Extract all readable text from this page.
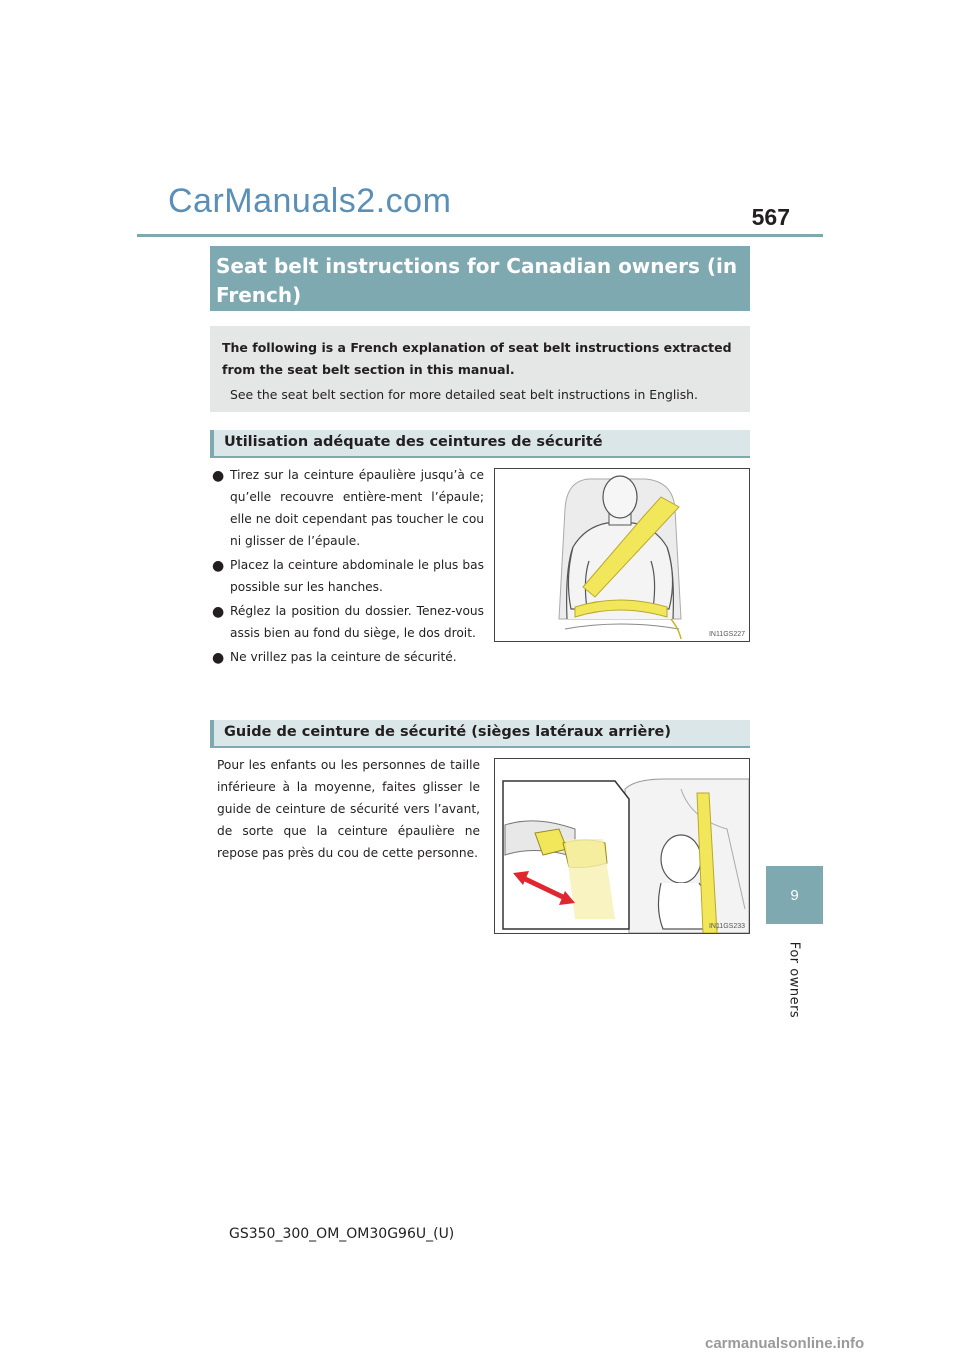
CarManuals2.com	567
9
For owners
Seat belt instructions for Canadian owners (in French)
The following is a French explanation of seat belt instructions extracted from the seat belt section in this manual.
See the seat belt section for more detailed seat belt instructions in English.
Utilisation adéquate des ceintures de sécurité
● Tirez sur la ceinture épaulière jusqu’à ce qu’elle recouvre entière-ment l’épaule; elle ne doit cependant pas toucher le cou ni glisser de l’épaule.
● Placez la ceinture abdominale le plus bas possible sur les hanches.
● Réglez la position du dossier. Tenez-vous assis bien au fond du siège, le dos droit.
● Ne vrillez pas la ceinture de sécurité.
IN11GS227
Guide de ceinture de sécurité (sièges latéraux arrière)
Pour les enfants ou les personnes de taille inférieure à la moyenne, faites glisser le guide de ceinture de sécurité vers l’avant, de sorte que la ceinture épaulière ne repose pas près du cou de cette personne.
IN11GS233
GS350_300_OM_OM30G96U_(U)
carmanualsonline.info
